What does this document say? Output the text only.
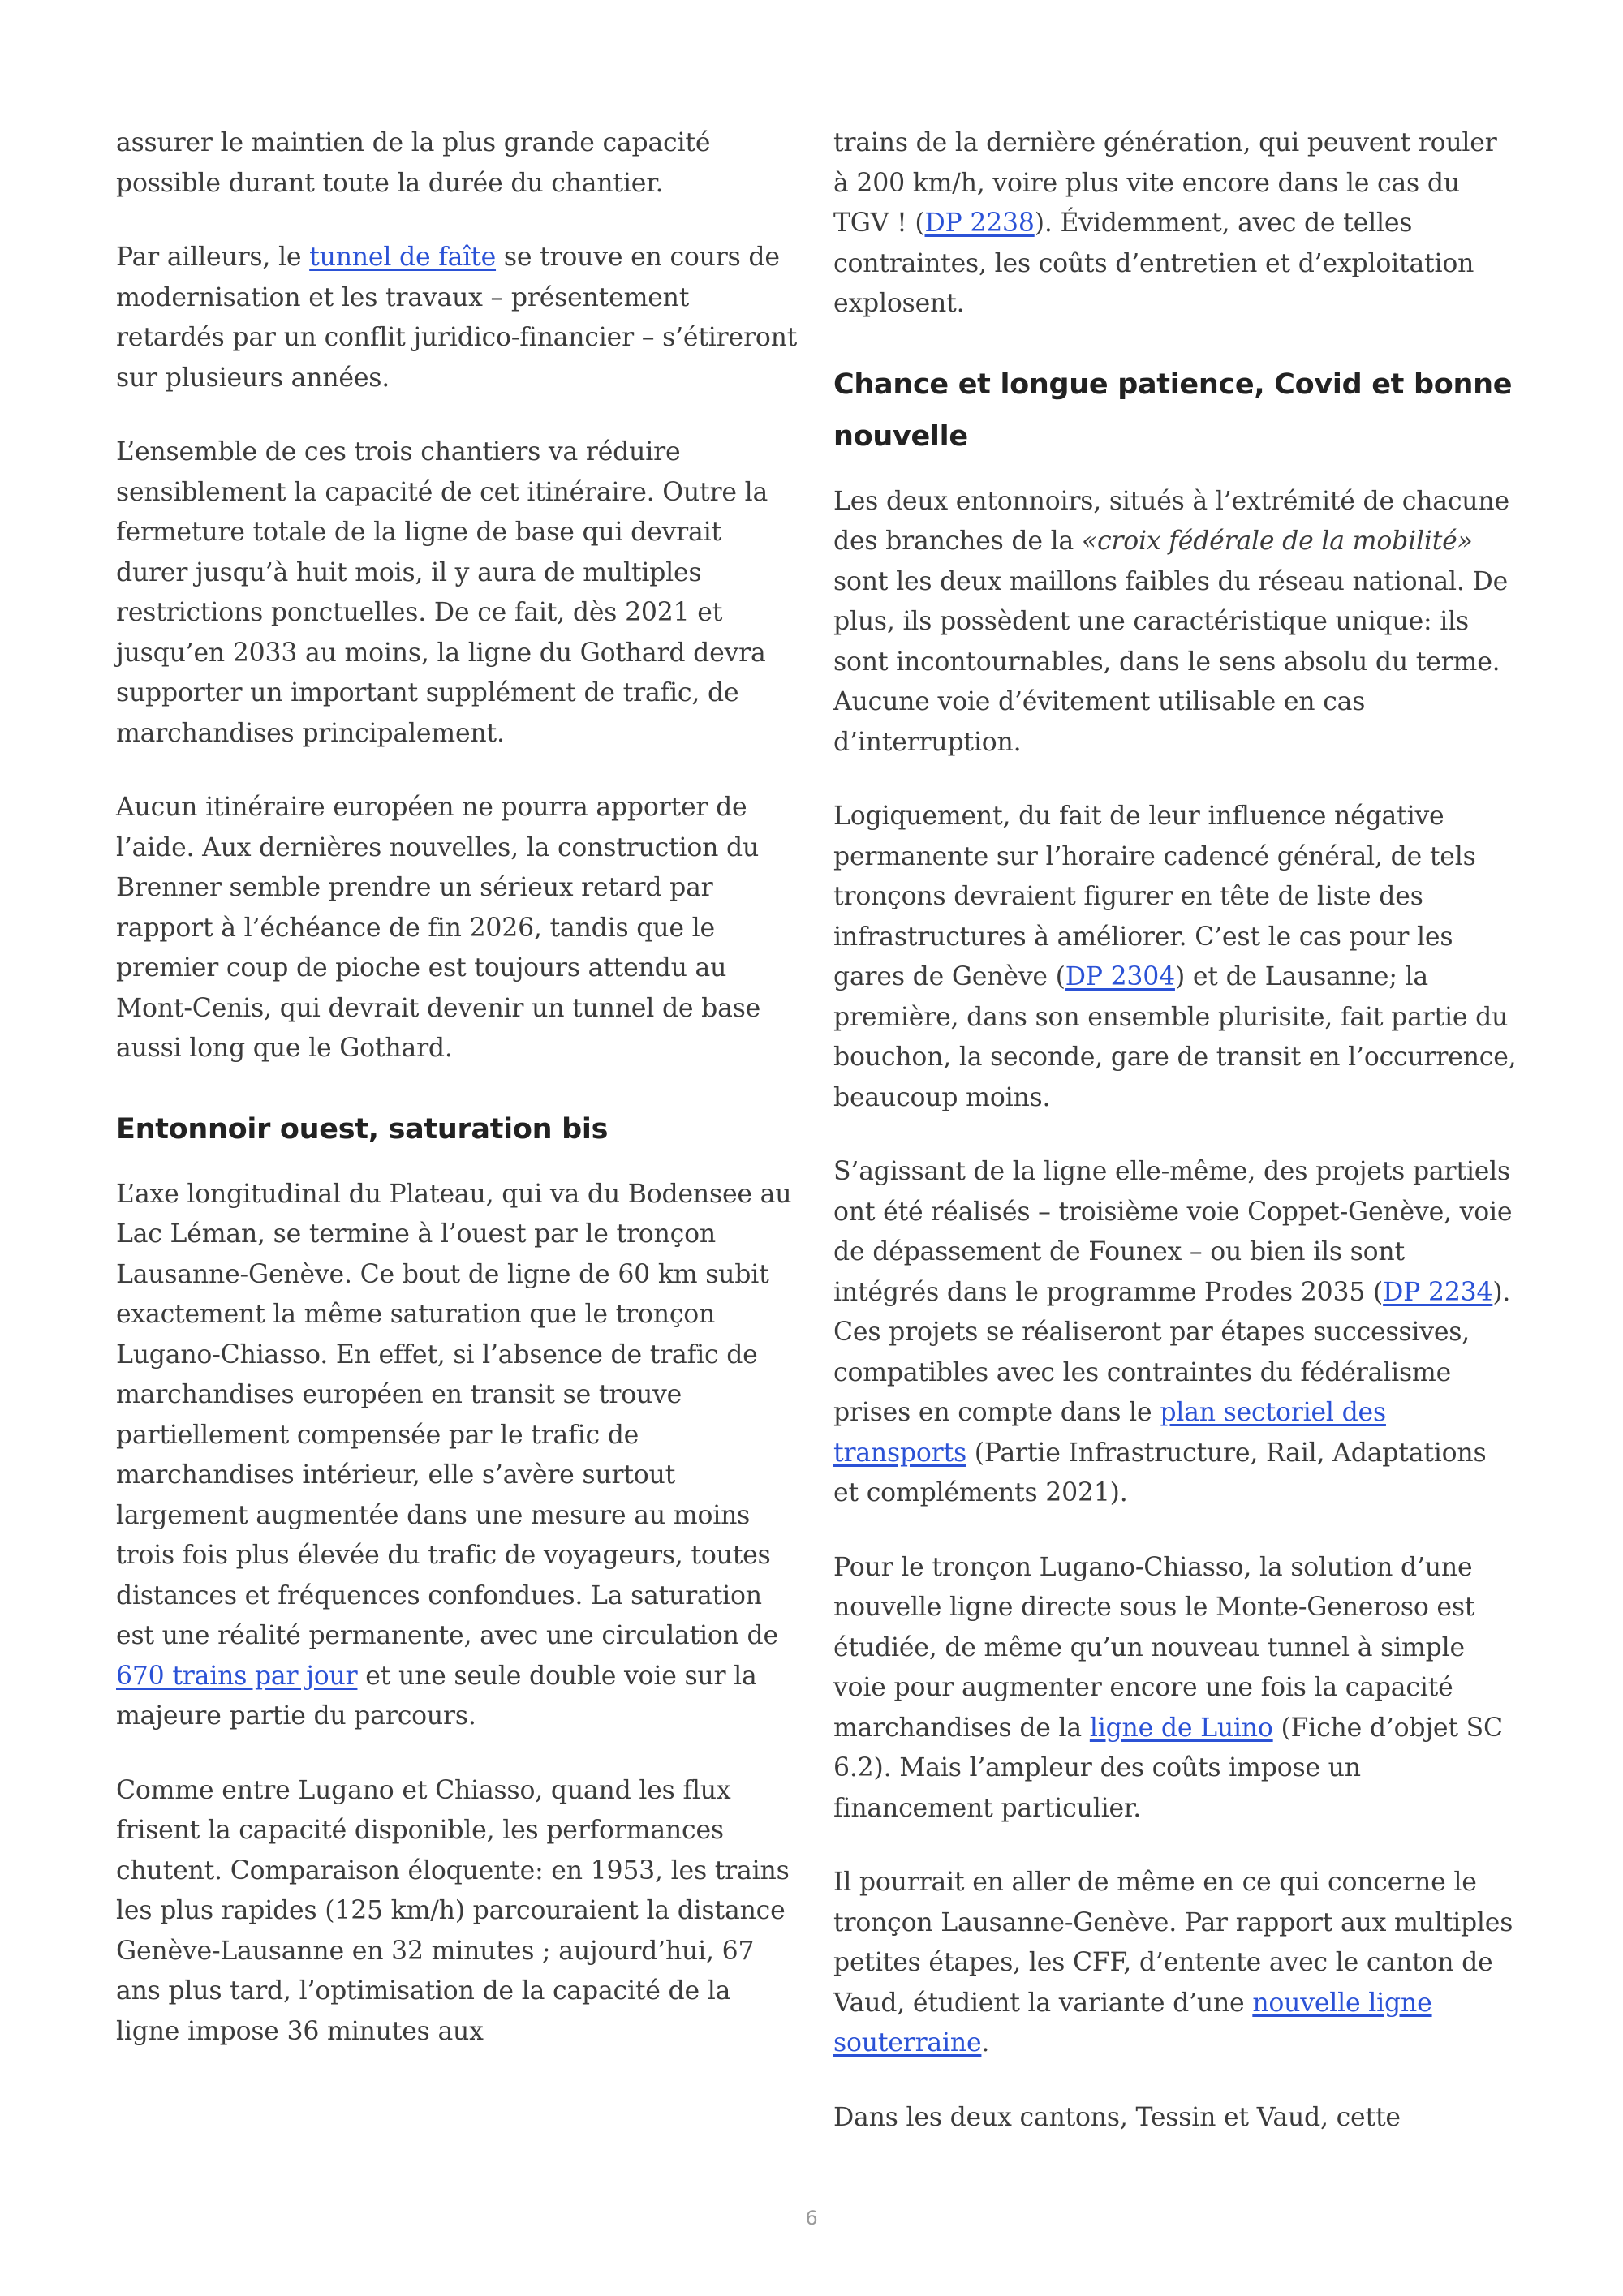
assurer le maintien de la plus grande capacité possible durant toute la durée du chantier.

Par ailleurs, le tunnel de faîte se trouve en cours de modernisation et les travaux – présentement retardés par un conflit juridico-financier – s’étireront sur plusieurs années.

L’ensemble de ces trois chantiers va réduire sensiblement la capacité de cet itinéraire. Outre la fermeture totale de la ligne de base qui devrait durer jusqu’à huit mois, il y aura de multiples restrictions ponctuelles. De ce fait, dès 2021 et jusqu’en 2033 au moins, la ligne du Gothard devra supporter un important supplément de trafic, de marchandises principalement.

Aucun itinéraire européen ne pourra apporter de l’aide. Aux dernières nouvelles, la construction du Brenner semble prendre un sérieux retard par rapport à l’échéance de fin 2026, tandis que le premier coup de pioche est toujours attendu au Mont-Cenis, qui devrait devenir un tunnel de base aussi long que le Gothard.

Entonnoir ouest, saturation bis

L’axe longitudinal du Plateau, qui va du Bodensee au Lac Léman, se termine à l’ouest par le tronçon Lausanne-Genève. Ce bout de ligne de 60 km subit exactement la même saturation que le tronçon Lugano-Chiasso. En effet, si l’absence de trafic de marchandises européen en transit se trouve partiellement compensée par le trafic de marchandises intérieur, elle s’avère surtout largement augmentée dans une mesure au moins trois fois plus élevée du trafic de voyageurs, toutes distances et fréquences confondues. La saturation est une réalité permanente, avec une circulation de 670 trains par jour et une seule double voie sur la majeure partie du parcours.

Comme entre Lugano et Chiasso, quand les flux frisent la capacité disponible, les performances chutent. Comparaison éloquente: en 1953, les trains les plus rapides (125 km/h) parcouraient la distance Genève-Lausanne en 32 minutes ; aujourd’hui, 67 ans plus tard, l’optimisation de la capacité de la ligne impose 36 minutes aux

trains de la dernière génération, qui peuvent rouler à 200 km/h, voire plus vite encore dans le cas du TGV ! (DP 2238). Évidemment, avec de telles contraintes, les coûts d’entretien et d’exploitation explosent.

Chance et longue patience, Covid et bonne nouvelle

Les deux entonnoirs, situés à l’extrémité de chacune des branches de la «croix fédérale de la mobilité» sont les deux maillons faibles du réseau national. De plus, ils possèdent une caractéristique unique: ils sont incontournables, dans le sens absolu du terme. Aucune voie d’évitement utilisable en cas d’interruption.

Logiquement, du fait de leur influence négative permanente sur l’horaire cadencé général, de tels tronçons devraient figurer en tête de liste des infrastructures à améliorer. C’est le cas pour les gares de Genève (DP 2304) et de Lausanne; la première, dans son ensemble plurisite, fait partie du bouchon, la seconde, gare de transit en l’occurrence, beaucoup moins.

S’agissant de la ligne elle-même, des projets partiels ont été réalisés – troisième voie Coppet-Genève, voie de dépassement de Founex – ou bien ils sont intégrés dans le programme Prodes 2035 (DP 2234). Ces projets se réaliseront par étapes successives, compatibles avec les contraintes du fédéralisme prises en compte dans le plan sectoriel des transports (Partie Infrastructure, Rail, Adaptations et compléments 2021).

Pour le tronçon Lugano-Chiasso, la solution d’une nouvelle ligne directe sous le Monte-Generoso est étudiée, de même qu’un nouveau tunnel à simple voie pour augmenter encore une fois la capacité marchandises de la ligne de Luino (Fiche d’objet SC 6.2). Mais l’ampleur des coûts impose un financement particulier.

Il pourrait en aller de même en ce qui concerne le tronçon Lausanne-Genève. Par rapport aux multiples petites étapes, les CFF, d’entente avec le canton de Vaud, étudient la variante d’une nouvelle ligne souterraine.

Dans les deux cantons, Tessin et Vaud, cette

6
